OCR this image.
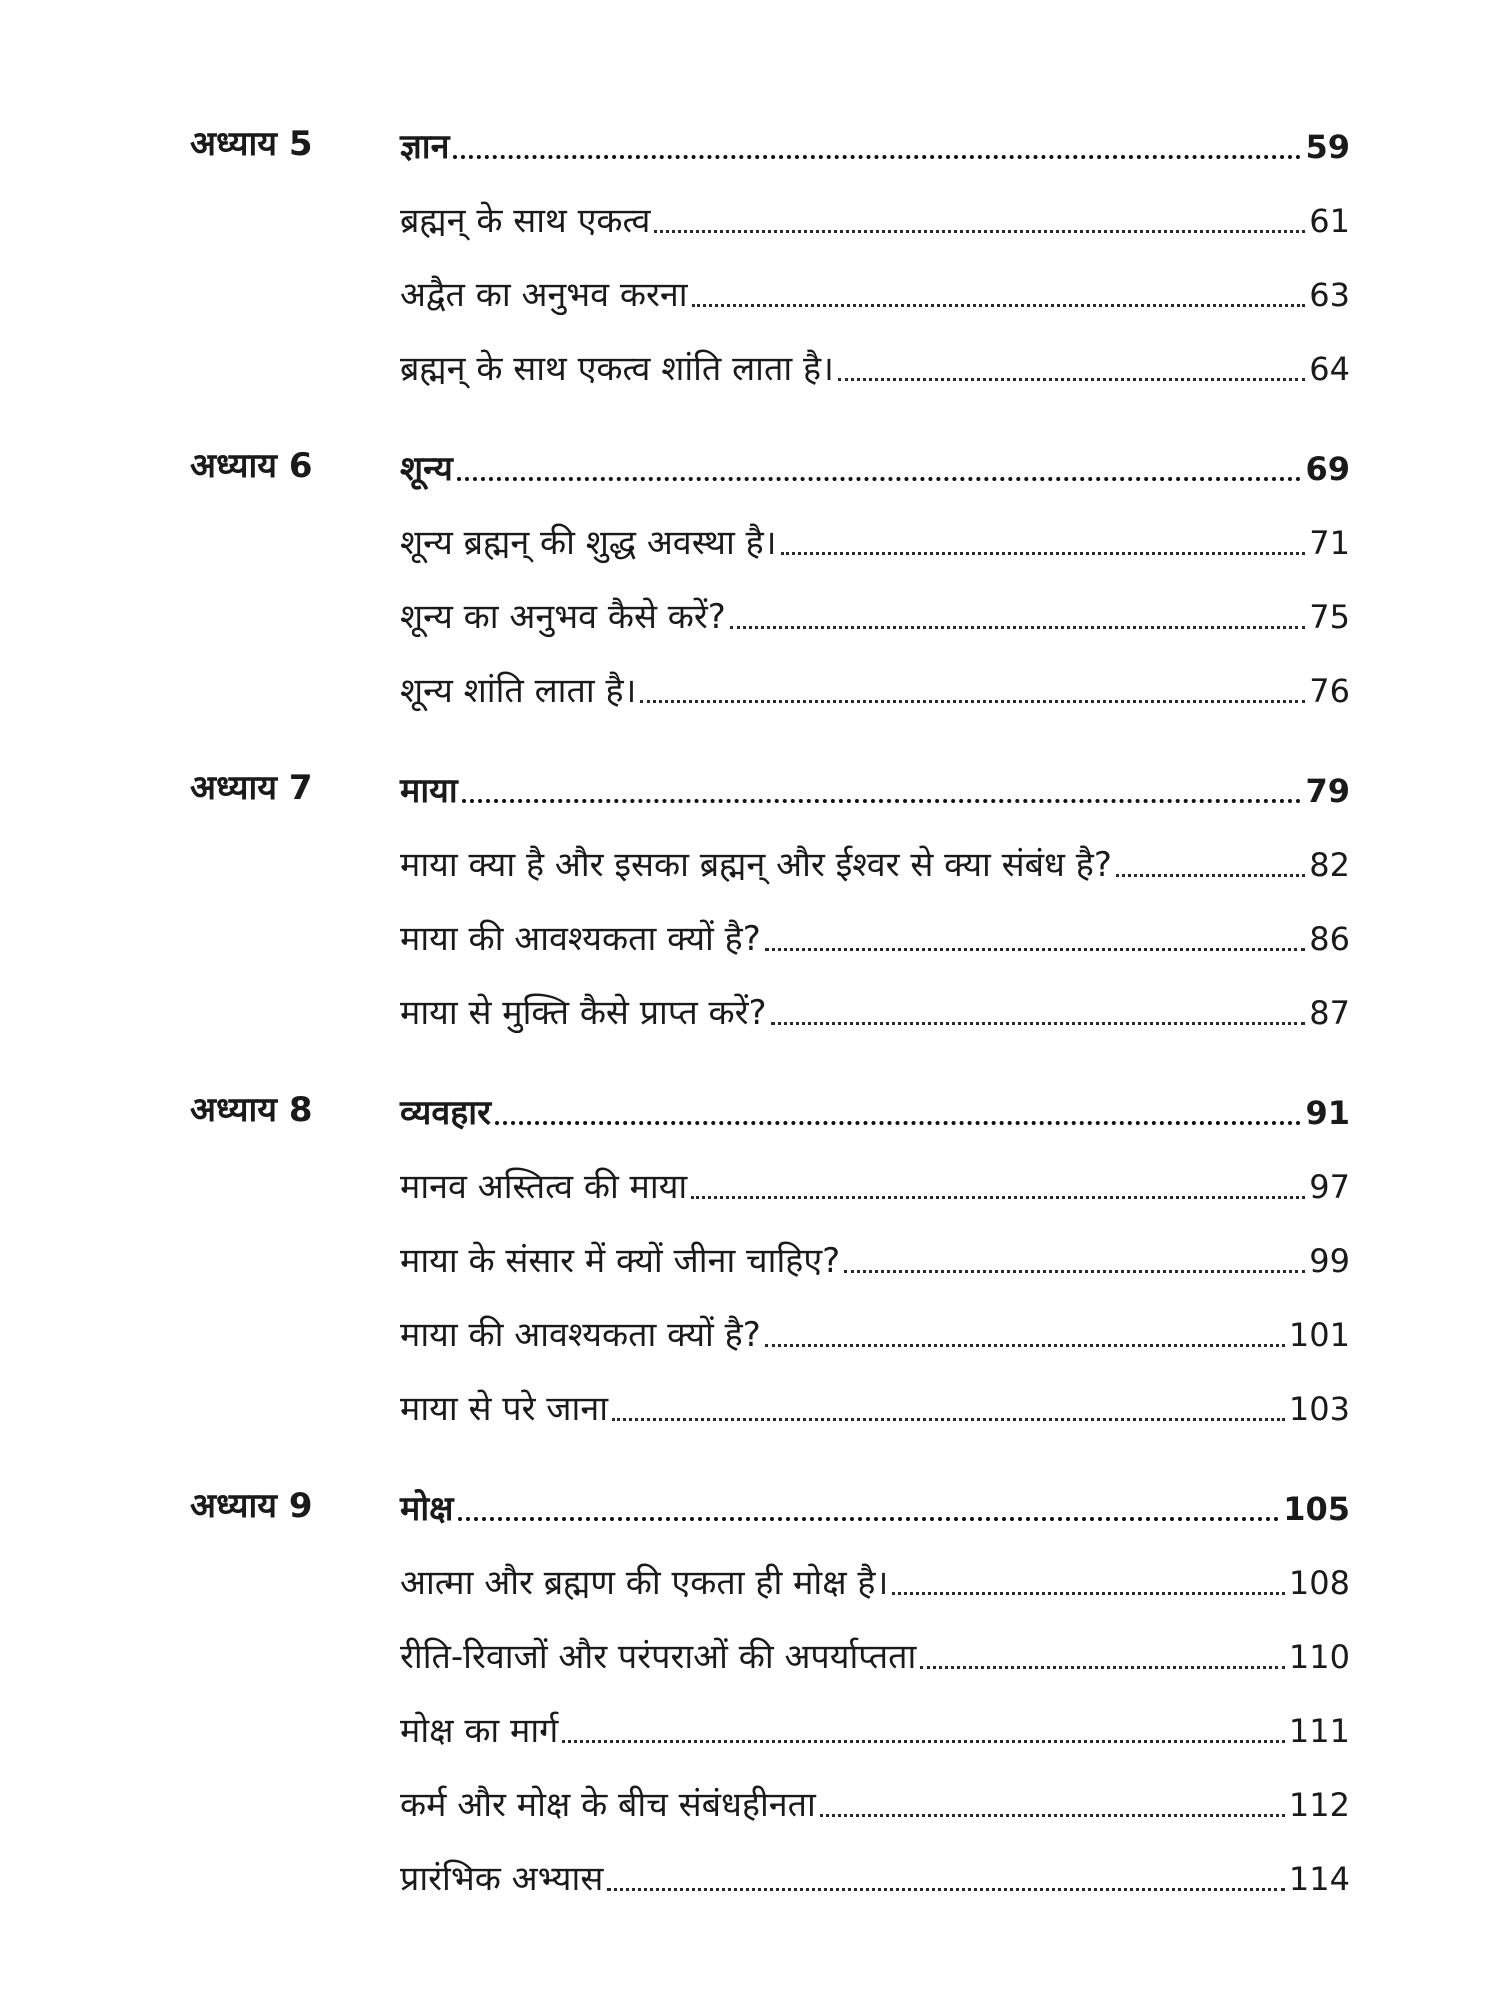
अध्याय 5	ज्ञान	59
ब्रह्मन् के साथ एकत्व	61
अद्वैत का अनुभव करना	63
ब्रह्मन् के साथ एकत्व शांति लाता है।	64
अध्याय 6	शून्य	69
शून्य ब्रह्मन् की शुद्ध अवस्था है।	71
शून्य का अनुभव कैसे करें?	75
शून्य शांति लाता है।	76
अध्याय 7	माया	79
माया क्या है और इसका ब्रह्मन् और ईश्वर से क्या संबंध है?	82
माया की आवश्यकता क्यों है?	86
माया से मुक्ति कैसे प्राप्त करें?	87
अध्याय 8	व्यवहार	91
मानव अस्तित्व की माया	97
माया के संसार में क्यों जीना चाहिए?	99
माया की आवश्यकता क्यों है?	101
माया से परे जाना	103
अध्याय 9	मोक्ष	105
आत्मा और ब्रह्मण की एकता ही मोक्ष है।	108
रीति-रिवाजों और परंपराओं की अपर्याप्तता	110
मोक्ष का मार्ग	111
कर्म और मोक्ष के बीच संबंधहीनता	112
प्रारंभिक अभ्यास	114
